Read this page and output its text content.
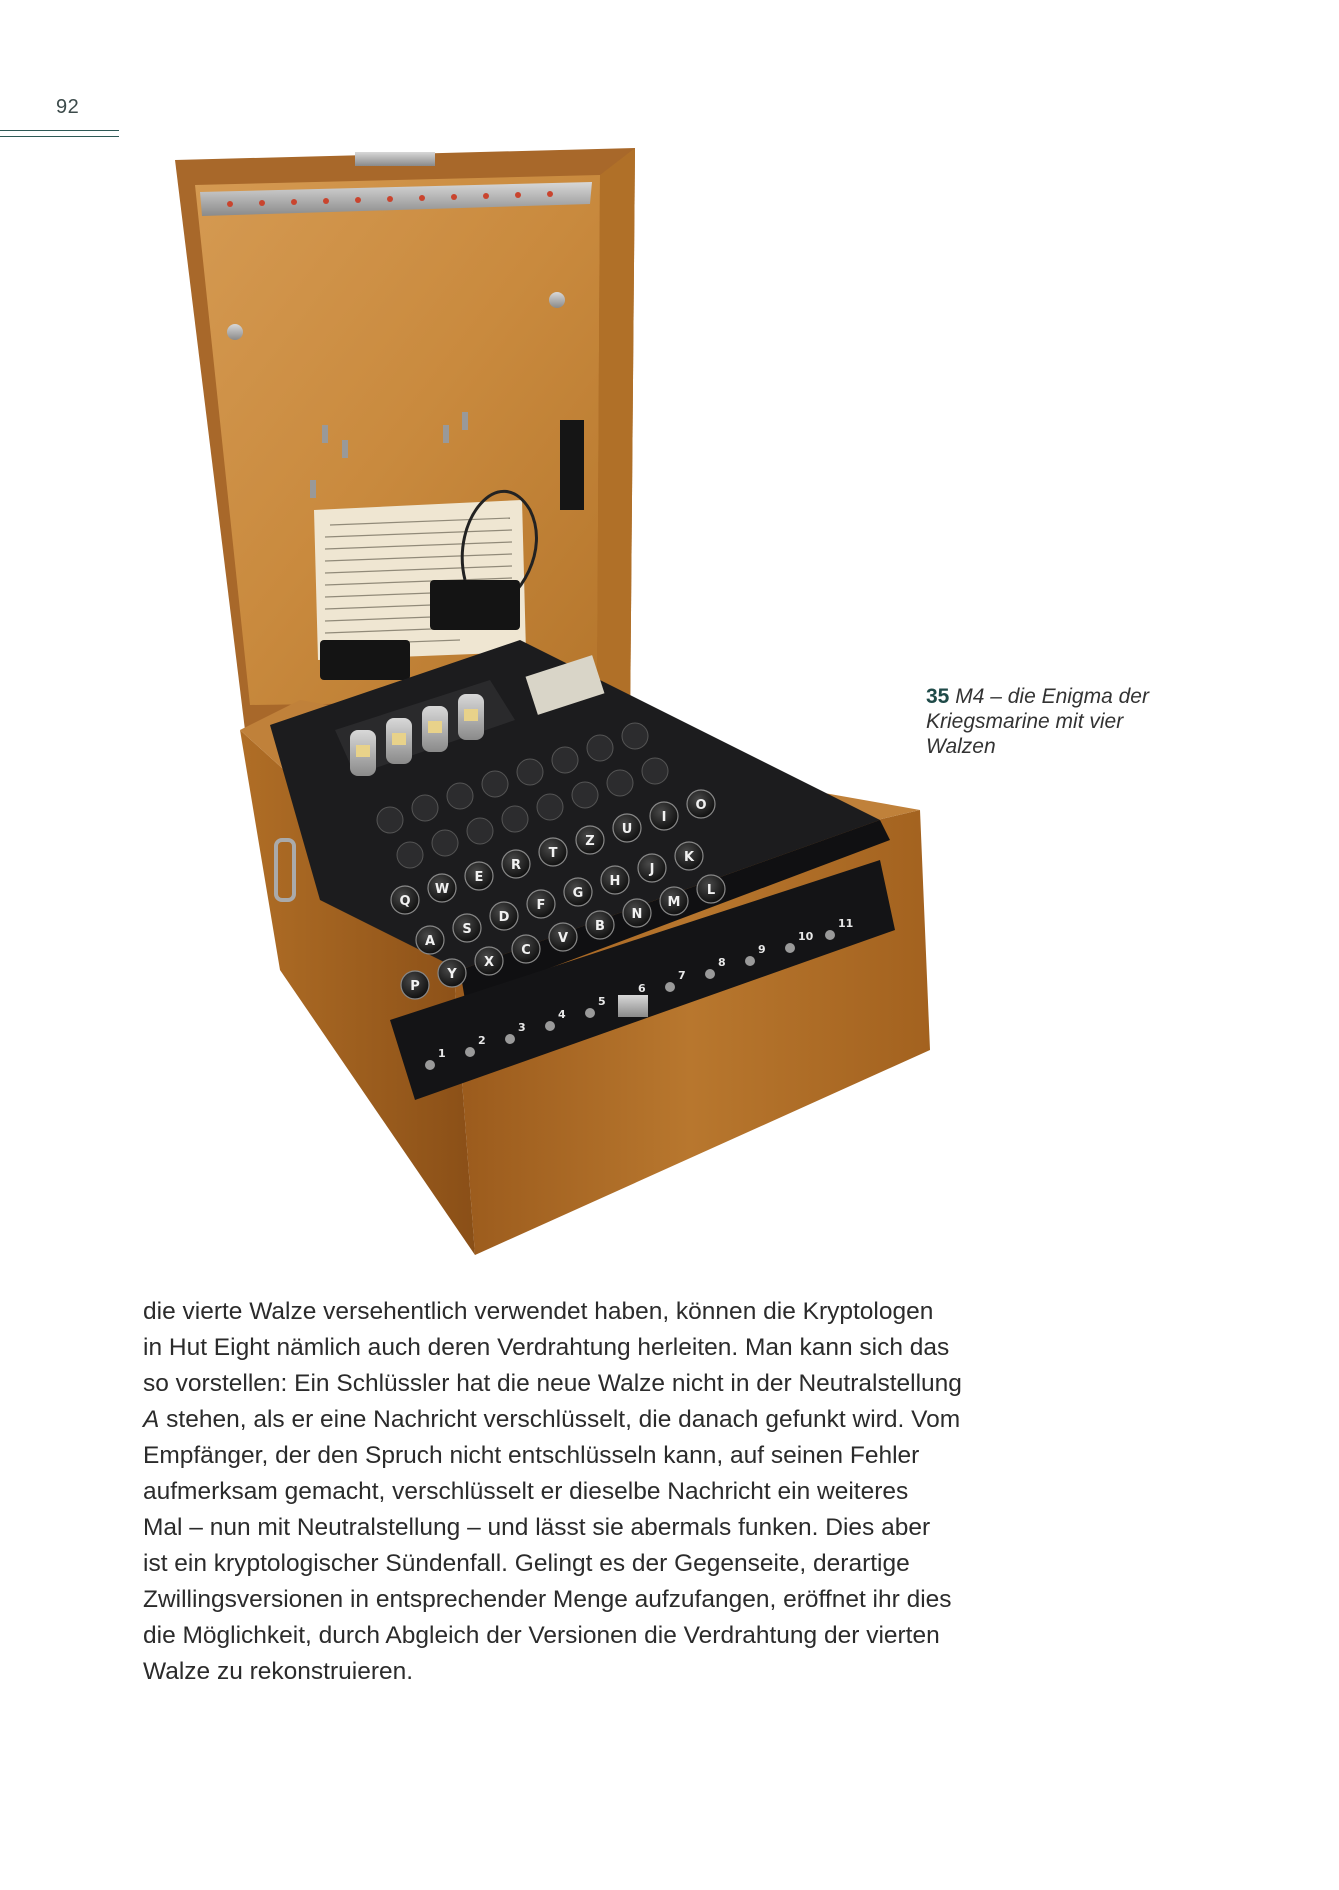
92
Q
W
E
R
T
Z
U
I
O
A
S
D
F
G
H
J
K
P
Y
X
C
V
B
N
M
L
1
2
3
4
5
6
7
8
9
10
11
35 M4 – die Enigma der
Kriegsmarine mit vier
Walzen
die vierte Walze versehentlich verwendet haben, können die Kryptologen
in Hut Eight nämlich auch deren Verdrahtung herleiten. Man kann sich das
so vorstellen: Ein Schlüssler hat die neue Walze nicht in der Neutralstellung
A stehen, als er eine Nachricht verschlüsselt, die danach gefunkt wird. Vom
Empfänger, der den Spruch nicht entschlüsseln kann, auf seinen Fehler
aufmerksam gemacht, verschlüsselt er dieselbe Nachricht ein weiteres
Mal – nun mit Neutralstellung – und lässt sie abermals funken. Dies aber
ist ein kryptologischer Sündenfall. Gelingt es der Gegenseite, derartige
Zwillingsversionen in entsprechender Menge aufzufangen, eröffnet ihr dies
die Möglichkeit, durch Abgleich der Versionen die Verdrahtung der vierten
Walze zu rekonstruieren.
